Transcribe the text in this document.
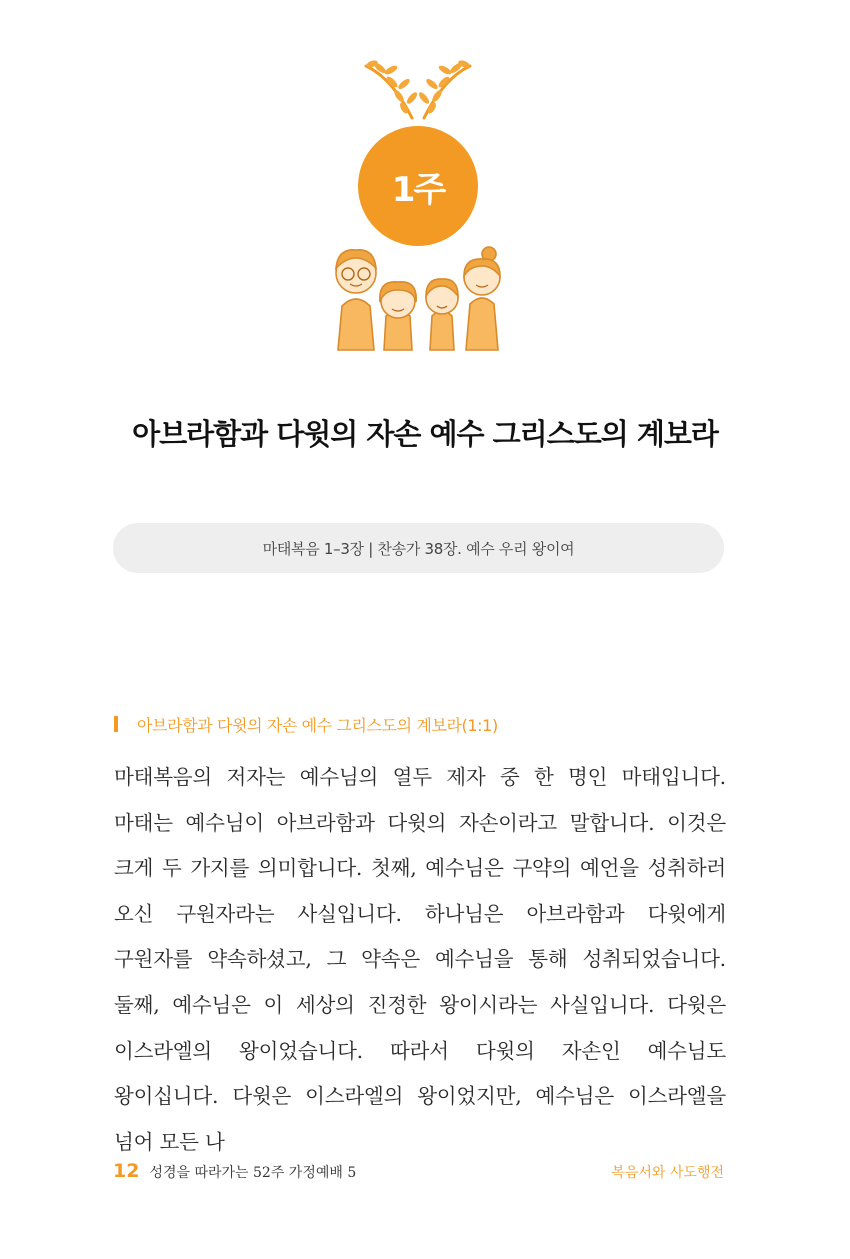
1주
아브라함과 다윗의 자손 예수 그리스도의 계보라
마태복음 1–3장 | 찬송가 38장. 예수 우리 왕이여
아브라함과 다윗의 자손 예수 그리스도의 계보라(1:1)
마태복음의 저자는 예수님의 열두 제자 중 한 명인 마태입니다. 마태는 예수님이 아브라함과 다윗의 자손이라고 말합니다. 이것은 크게 두 가지를 의미합니다. 첫째, 예수님은 구약의 예언을 성취하러 오신 구원자라는 사실입니다. 하나님은 아브라함과 다윗에게 구원자를 약속하셨고, 그 약속은 예수님을 통해 성취되었습니다. 둘째, 예수님은 이 세상의 진정한 왕이시라는 사실입니다. 다윗은 이스라엘의 왕이었습니다. 따라서 다윗의 자손인 예수님도 왕이십니다. 다윗은 이스라엘의 왕이었지만, 예수님은 이스라엘을 넘어 모든 나
12 성경을 따라가는 52주 가정예배 5	복음서와 사도행전
